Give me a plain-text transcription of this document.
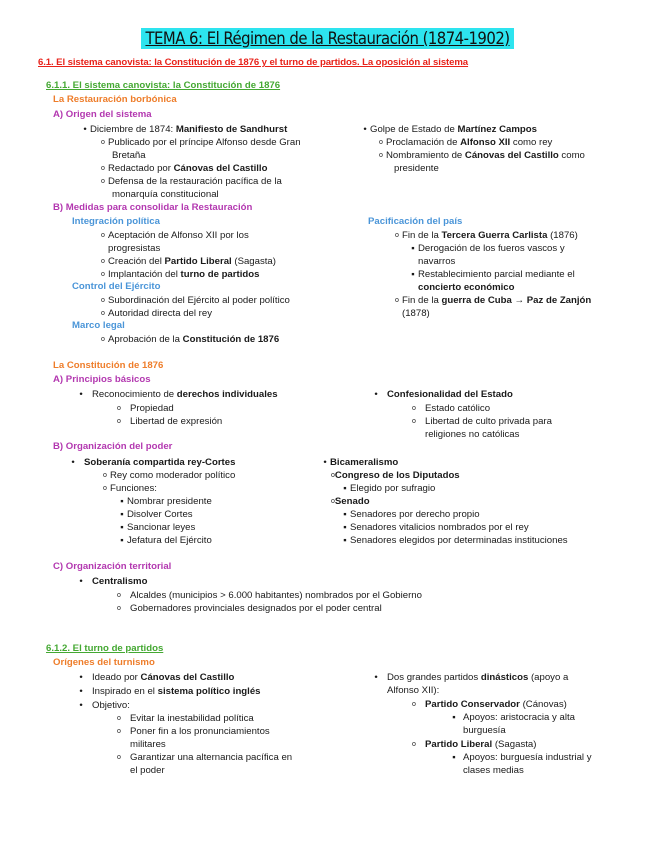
TEMA 6: El Régimen de la Restauración (1874-1902)
6.1. El sistema canovista: la Constitución de 1876 y el turno de partidos. La oposición al sistema
6.1.1. El sistema canovista: la Constitución de 1876
La Restauración borbónica
A) Origen del sistema
• Diciembre de 1874: Manifiesto de Sandhurst
o Publicado por el príncipe Alfonso desde Gran
Bretaña
o Redactado por Cánovas del Castillo
o Defensa de la restauración pacífica de la
monarquía constitucional
• Golpe de Estado de Martínez Campos
o Proclamación de Alfonso XII como rey
o Nombramiento de Cánovas del Castillo como
presidente
B) Medidas para consolidar la Restauración
Integración política
o Aceptación de Alfonso XII por los
progresistas
o Creación del Partido Liberal (Sagasta)
o Implantación del turno de partidos
Control del Ejército
o Subordinación del Ejército al poder político
o Autoridad directa del rey
Marco legal
o Aprobación de la Constitución de 1876
Pacificación del país
o Fin de la Tercera Guerra Carlista (1876)
▪ Derogación de los fueros vascos y
navarros
▪ Restablecimiento parcial mediante el
concierto económico
o Fin de la guerra de Cuba → Paz de Zanjón
(1878)
La Constitución de 1876
A) Principios básicos
• Reconocimiento de derechos individuales
o Propiedad
o Libertad de expresión
• Confesionalidad del Estado
o Estado católico
o Libertad de culto privada para
religiones no católicas
B) Organización del poder
• Soberanía compartida rey-Cortes
o Rey como moderador político
o Funciones:
▪ Nombrar presidente
▪ Disolver Cortes
▪ Sancionar leyes
▪ Jefatura del Ejército
• Bicameralismo
oCongreso de los Diputados
▪ Elegido por sufragio
oSenado
▪ Senadores por derecho propio
▪ Senadores vitalicios nombrados por el rey
▪ Senadores elegidos por determinadas instituciones
C) Organización territorial
• Centralismo
o Alcaldes (municipios > 6.000 habitantes) nombrados por el Gobierno
o Gobernadores provinciales designados por el poder central
6.1.2. El turno de partidos
Orígenes del turnismo
• Ideado por Cánovas del Castillo
• Inspirado en el sistema político inglés
• Objetivo:
o Evitar la inestabilidad política
o Poner fin a los pronunciamientos
militares
o Garantizar una alternancia pacífica en
el poder
• Dos grandes partidos dinásticos (apoyo a
Alfonso XII):
o Partido Conservador (Cánovas)
▪ Apoyos: aristocracia y alta
burguesía
o Partido Liberal (Sagasta)
▪ Apoyos: burguesía industrial y
clases medias
